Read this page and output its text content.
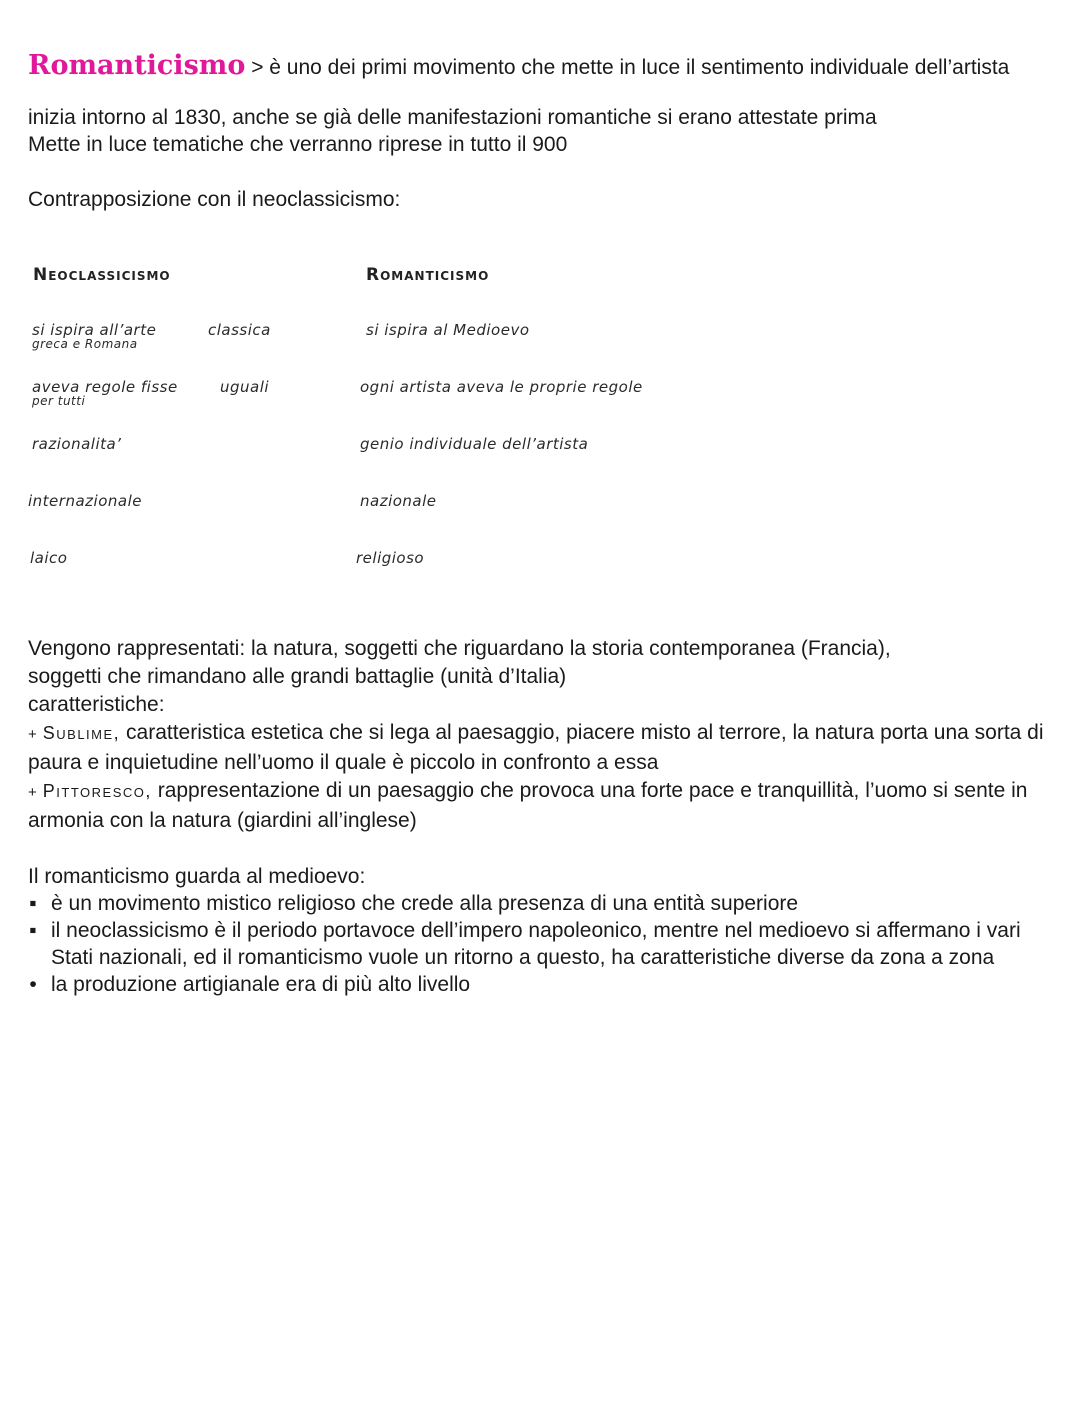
Romanticismo > è uno dei primi movimento che mette in luce il sentimento individuale dell’artista

inizia intorno al 1830, anche se già delle manifestazioni romantiche si erano attestate prima

Mette in luce tematiche che verranno riprese in tutto il 900

Contrapposizione con il neoclassicismo:

Neoclassicismo	Romanticismo
si ispira all’arte
greca e Romana
classica	si ispira al Medioevo
aveva regole fisse
per tutti
uguali	ogni artista aveva le proprie regole
razionalita’	genio individuale dell’artista
internazionale	nazionale
laico	religioso

Vengono rappresentati: la natura, soggetti che riguardano la storia contemporanea (Francia),

soggetti che rimandano alle grandi battaglie (unità d’Italia)

caratteristiche:

+ Sublime, caratteristica estetica che si lega al paesaggio, piacere misto al terrore, la natura porta una sorta di paura e inquietudine nell’uomo il quale è piccolo in confronto a essa

+ Pittoresco, rappresentazione di un paesaggio che provoca una forte pace e tranquillità, l’uomo si sente in armonia con la natura (giardini all’inglese)

Il romanticismo guarda al medioevo:

▪ è un movimento mistico religioso che crede alla presenza di una entità superiore
▪ il neoclassicismo è il periodo portavoce dell’impero napoleonico, mentre nel medioevo si affermano i vari Stati nazionali, ed il romanticismo vuole un ritorno a questo, ha caratteristiche diverse da zona a zona
• la produzione artigianale era di più alto livello
